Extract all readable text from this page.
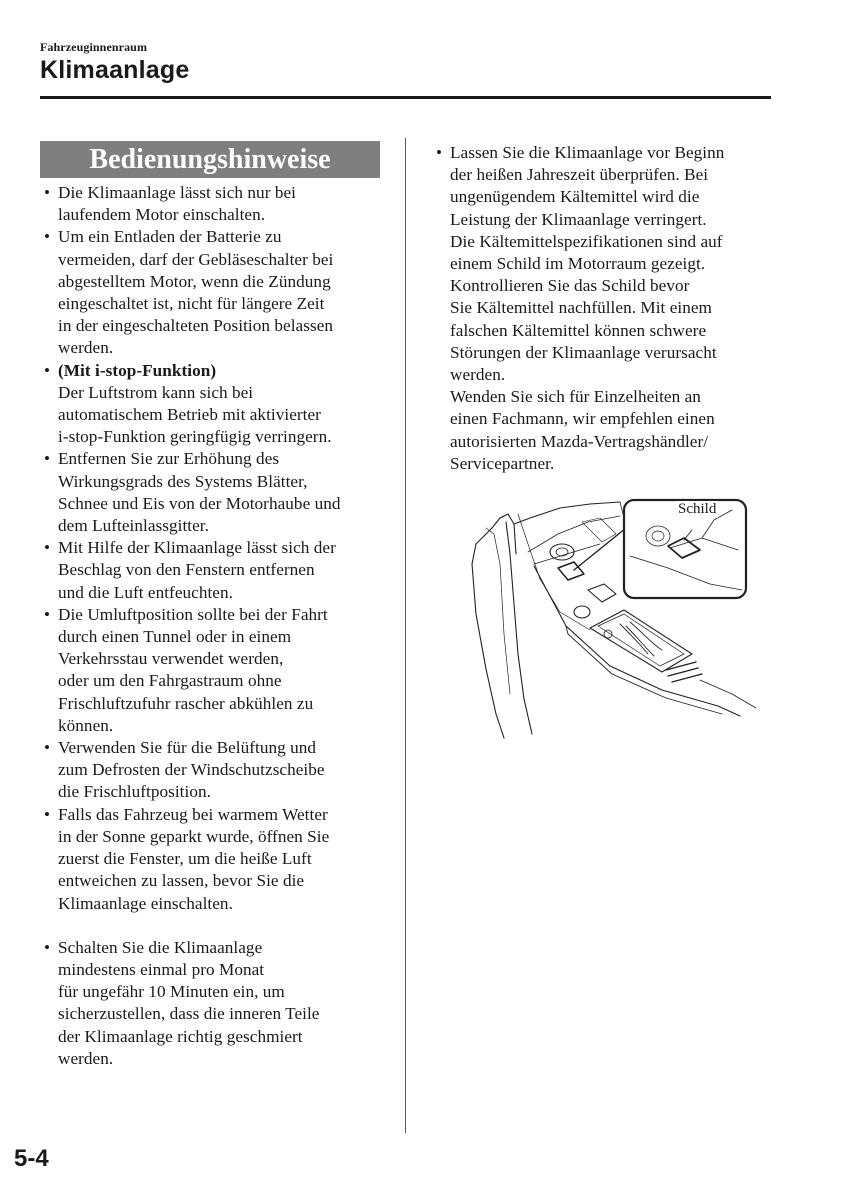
Fahrzeuginnenraum
Klimaanlage
Bedienungshinweise
• Die Klimaanlage lässt sich nur bei
laufendem Motor einschalten.
• Um ein Entladen der Batterie zu
vermeiden, darf der Gebläseschalter bei
abgestelltem Motor, wenn die Zündung
eingeschaltet ist, nicht für längere Zeit
in der eingeschalteten Position belassen
werden.
• (Mit i-stop-Funktion)
Der Luftstrom kann sich bei
automatischem Betrieb mit aktivierter
i-stop-Funktion geringfügig verringern.
• Entfernen Sie zur Erhöhung des
Wirkungsgrads des Systems Blätter,
Schnee und Eis von der Motorhaube und
dem Lufteinlassgitter.
• Mit Hilfe der Klimaanlage lässt sich der
Beschlag von den Fenstern entfernen
und die Luft entfeuchten.
• Die Umluftposition sollte bei der Fahrt
durch einen Tunnel oder in einem
Verkehrsstau verwendet werden,
oder um den Fahrgastraum ohne
Frischluftzufuhr rascher abkühlen zu
können.
• Verwenden Sie für die Belüftung und
zum Defrosten der Windschutzscheibe
die Frischluftposition.
• Falls das Fahrzeug bei warmem Wetter
in der Sonne geparkt wurde, öffnen Sie
zuerst die Fenster, um die heiße Luft
entweichen zu lassen, bevor Sie die
Klimaanlage einschalten.
• Schalten Sie die Klimaanlage
mindestens einmal pro Monat
für ungefähr 10 Minuten ein, um
sicherzustellen, dass die inneren Teile
der Klimaanlage richtig geschmiert
werden.
• Lassen Sie die Klimaanlage vor Beginn
der heißen Jahreszeit überprüfen. Bei
ungenügendem Kältemittel wird die
Leistung der Klimaanlage verringert.
Die Kältemittelspezifikationen sind auf
einem Schild im Motorraum gezeigt.
Kontrollieren Sie das Schild bevor
Sie Kältemittel nachfüllen. Mit einem
falschen Kältemittel können schwere
Störungen der Klimaanlage verursacht
werden.
Wenden Sie sich für Einzelheiten an
einen Fachmann, wir empfehlen einen
autorisierten Mazda-Vertragshändler/
Servicepartner.
Schild
5-4
